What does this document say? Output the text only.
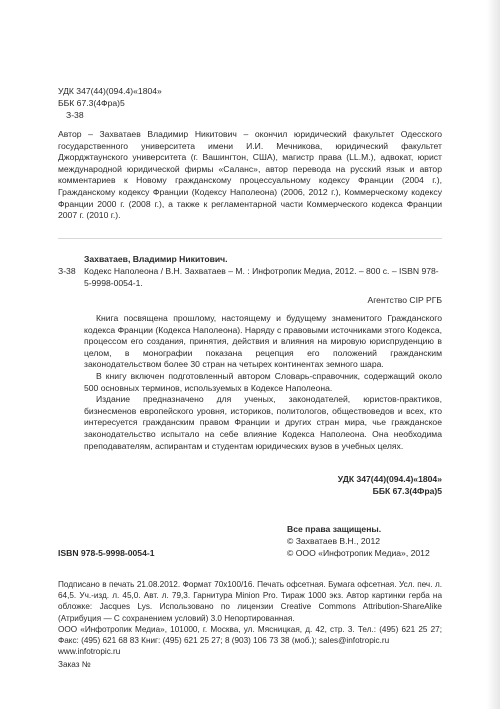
УДК 347(44)(094.4)«1804»
ББК 67.3(4Фра)5
З-38
Автор – Захватаев Владимир Никитович – окончил юридический факультет Одесского государственного университета имени И.И. Мечникова, юридический факультет Джорджтаунского университета (г. Вашингтон, США), магистр права (LL.M.), адвокат, юрист международной юридической фирмы «Саланс», автор перевода на русский язык и автор комментариев к Новому гражданскому процессуальному кодексу Франции (2004 г.), Гражданскому кодексу Франции (Кодексу Наполеона) (2006, 2012 г.), Коммерческому кодексу Франции 2000 г. (2008 г.), а также к регламентарной части Коммерческого кодекса Франции 2007 г. (2010 г.).
Захватаев, Владимир Никитович.
З-38 Кодекс Наполеона / В.Н. Захватаев – М. : Инфотропик Медиа, 2012. – 800 с. – ISBN 978-5-9998-0054-1.
Агентство CIP РГБ

Книга посвящена прошлому, настоящему и будущему знаменитого Гражданского кодекса Франции (Кодекса Наполеона). Наряду с правовыми источниками этого Кодекса, процессом его создания, принятия, действия и влияния на мировую юриспруденцию в целом, в монографии показана рецепция его положений гражданским законодательством более 30 стран на четырех континентах земного шара.

В книгу включен подготовленный автором Словарь-справочник, содержащий около 500 основных терминов, используемых в Кодексе Наполеона.

Издание предназначено для ученых, законодателей, юристов-практиков, бизнесменов европейского уровня, историков, политологов, обществоведов и всех, кто интересуется гражданским правом Франции и других стран мира, чье гражданское законодательство испытало на себе влияние Кодекса Наполеона. Она необходима преподавателям, аспирантам и студентам юридических вузов в учебных целях.

УДК 347(44)(094.4)«1804»
ББК 67.3(4Фра)5
Все права защищены.
© Захватаев В.Н., 2012
© ООО «Инфотропик Медиа», 2012
ISBN 978-5-9998-0054-1

Подписано в печать 21.08.2012. Формат 70х100/16. Печать офсетная. Бумага офсетная. Усл. печ. л. 64,5. Уч.-изд. л. 45,0. Авт. л. 79,3. Гарнитура Minion Pro. Тираж 1000 экз. Автор картинки герба на обложке: Jacques Lys. Использовано по лицензии Creative Commons Attribution-ShareAlike (Атрибуция — С сохранением условий) 3.0 Непортированная.

ООО «Инфотропик Медиа», 101000, г. Москва, ул. Мясницкая, д. 42, стр. 3. Тел.: (495) 621 25 27; Факс: (495) 621 68 83 Книг: (495) 621 25 27; 8 (903) 106 73 38 (моб.); sales@infotropic.ru

www.infotropic.ru

Заказ №
